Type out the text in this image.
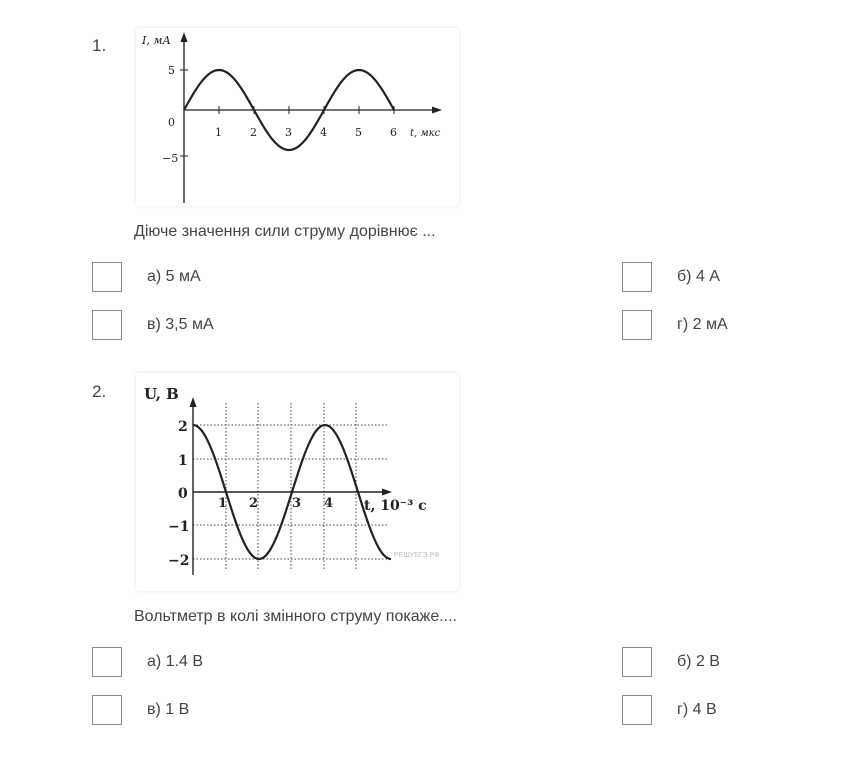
1.	I, мА
5
0
−5
1	2	3	4	5	6 t, мкс
Діюче значення сили струму дорівнює ...
а) 5 мА	б) 4 А
в) 3,5 мА	г) 2 мА
2.	U, В
2
1
0
−1
−2
1 2	3 4 t, 10⁻³ с
РЕШУЕГЭ.РФ
Вольтметр в колі змінного струму покаже....
а) 1.4 В	б) 2 В
в) 1 В	г) 4 В
